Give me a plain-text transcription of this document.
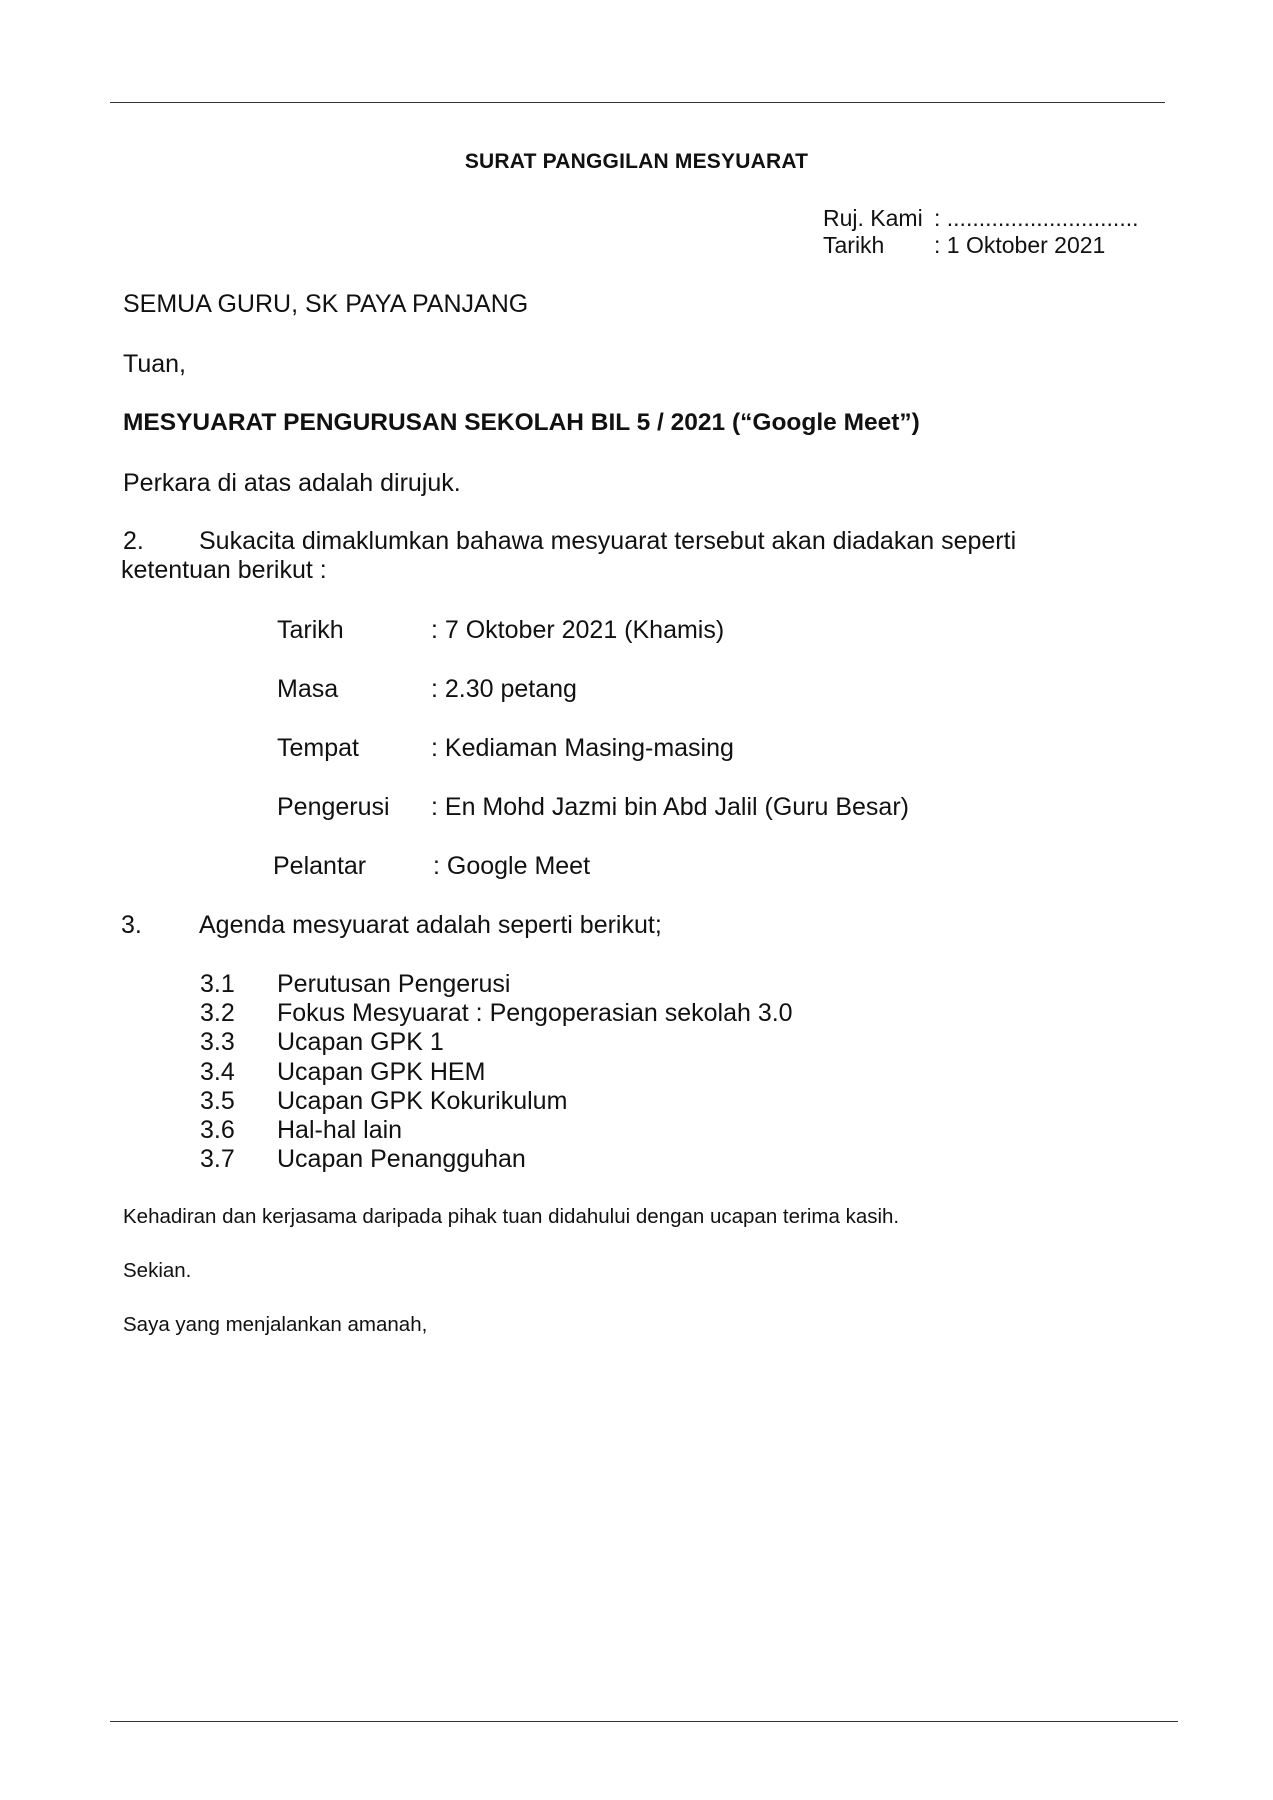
SURAT PANGGILAN MESYUARAT
Ruj. Kami : ..............................
Tarikh : 1 Oktober 2021
SEMUA GURU, SK PAYA PANJANG
Tuan,
MESYUARAT PENGURUSAN SEKOLAH BIL 5 / 2021 (“Google Meet”)
Perkara di atas adalah dirujuk.
2. Sukacita dimaklumkan bahawa mesyuarat tersebut akan diadakan seperti
ketentuan berikut :
Tarikh	: 7 Oktober 2021 (Khamis)
Masa	: 2.30 petang
Tempat	: Kediaman Masing-masing
Pengerusi : En Mohd Jazmi bin Abd Jalil (Guru Besar)
Pelantar	: Google Meet
3. Agenda mesyuarat adalah seperti berikut;
3.1 Perutusan Pengerusi
3.2 Fokus Mesyuarat : Pengoperasian sekolah 3.0
3.3 Ucapan GPK 1
3.4 Ucapan GPK HEM
3.5 Ucapan GPK Kokurikulum
3.6 Hal-hal lain
3.7 Ucapan Penangguhan
Kehadiran dan kerjasama daripada pihak tuan didahului dengan ucapan terima kasih.
Sekian.
Saya yang menjalankan amanah,
